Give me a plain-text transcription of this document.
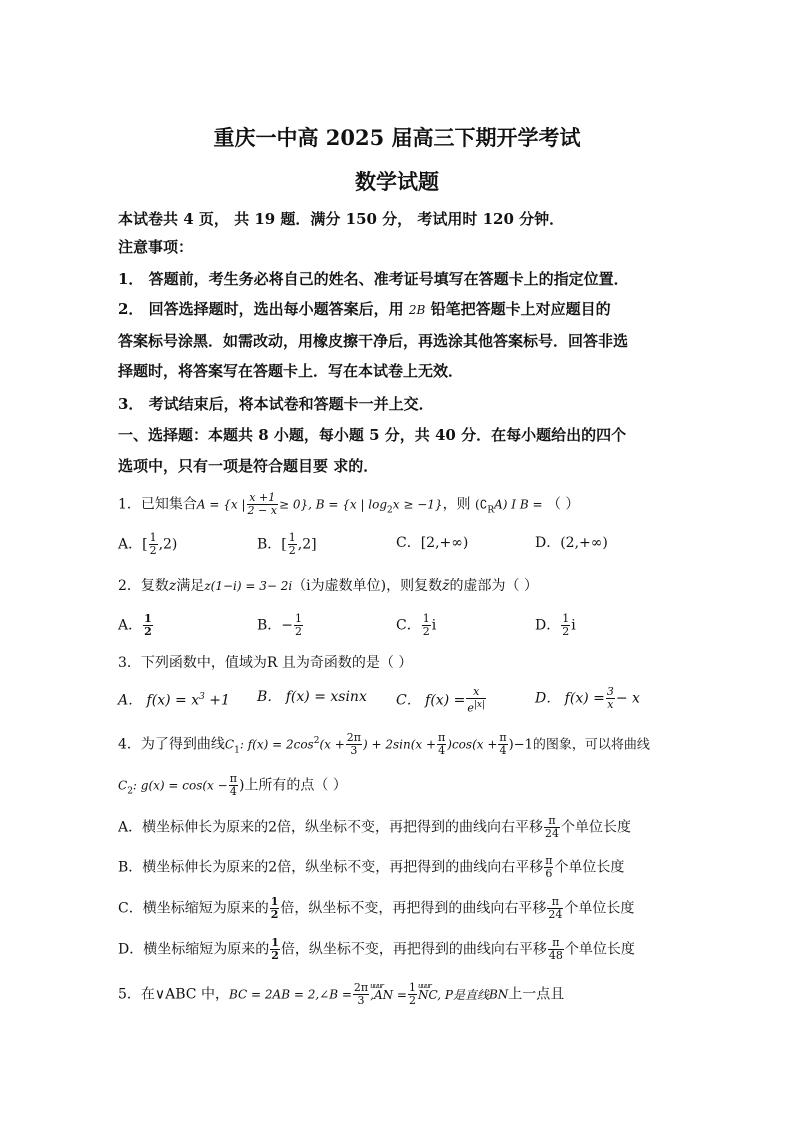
重庆一中高 2025 届高三下期开学考试
数学试题
本试卷共 4 页， 共 19 题．满分 150 分， 考试用时 120 分钟．
注意事项：
1． 答题前，考生务必将自己的姓名、准考证号填写在答题卡上的指定位置．
2． 回答选择题时，选出每小题答案后，用 2B 铅笔把答题卡上对应题目的
答案标号涂黑．如需改动，用橡皮擦干净后，再选涂其他答案标号．回答非选
择题时，将答案写在答题卡上．写在本试卷上无效．
3． 考试结束后，将本试卷和答题卡一并上交．
一、选择题：本题共 8 小题，每小题 5 分，共 40 分．在每小题给出的四个
选项中，只有一项是符合题目要 求的．
1．已知集合A = {x | $\frac{x +1}{2 - x} \ge 0$}, B = {x | $\log_2x \ge -1$}，则 $(∁_RA)$ I B = （ ）
A．[ $\frac{1}{2} ,2$)	B．[ $\frac{1}{2} ,2$]	C．[2,+∞)	D．(2,+∞)
2．复数z满足z(1−i) = 3− 2i（i为虚数单位)，则复数z̄的虚部为（ ）
A． $\frac{1}{2}$	B．− $\frac{1}{2}$	C． $\frac{1}{2}$ i	D． $\frac{1}{2}$ i
3．下列函数中，值域为R 且为奇函数的是（ ）
A． $f(x) = x^3 +1$ B． f(x) = xsinx C． $f(x) = \frac{x}{e^{|x|}}$	D． $f(x) = \frac{3}{x} - x$
4．为了得到曲线$C_1$: $f(x) = 2\cos^2(x + \frac{2\pi}{3}$ ) + $2\sin(x + \frac{\pi}{4} )\cos(x + \frac{\pi}{4} )-1$的图象，可以将曲线
$C_2$: $g(x) = \cos(x - \frac{\pi}{4}$ )上所有的点（ ）
A．横坐标伸长为原来的2倍，纵坐标不变，再把得到的曲线向右平移 $\frac{\pi}{24}$ 个单位长度
B．横坐标伸长为原来的2倍，纵坐标不变，再把得到的曲线向右平移 $\frac{\pi}{6}$ 个单位长度
C．横坐标缩短为原来的 $\frac{1}{2}$ 倍，纵坐标不变，再把得到的曲线向右平移 $\frac{\pi}{24}$ 个单位长度
D．横坐标缩短为原来的 $\frac{1}{2}$ 倍，纵坐标不变，再把得到的曲线向右平移 $\frac{\pi}{48}$ 个单位长度
5．在∨ABC 中，BC = 2AB = 2,∠B = $\frac{2\pi}{3}$ uuur $,AN = \frac{1}{2}$ uuur NC, P是直线BN上一点且
